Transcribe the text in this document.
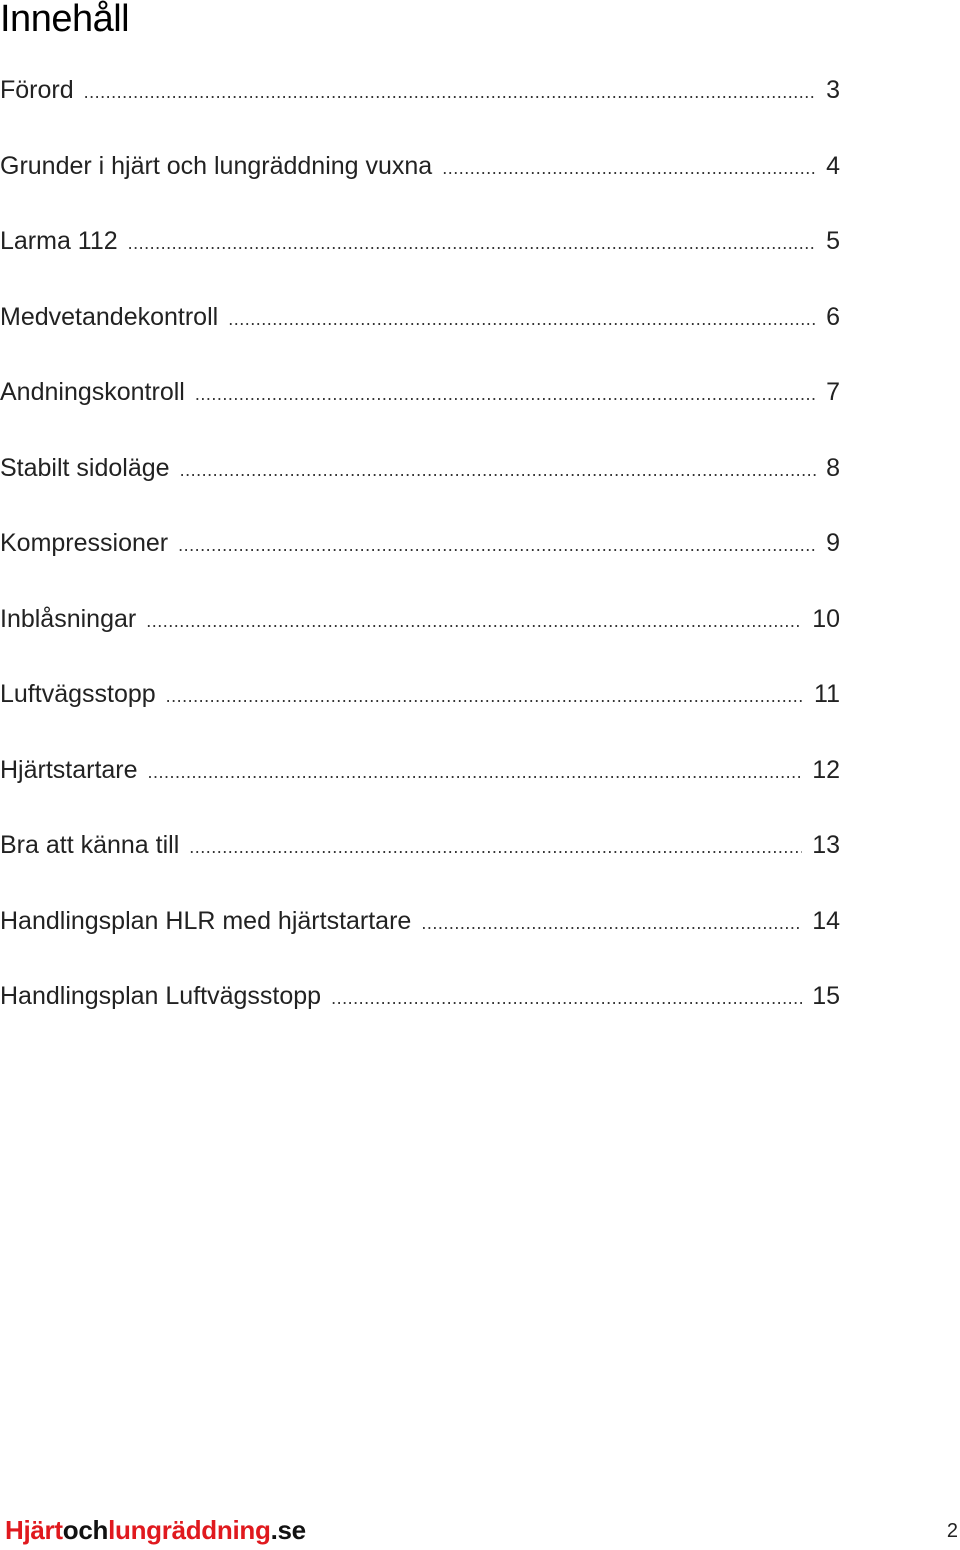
Innehåll
Förord .....	3
Grunder i hjärt och lungräddning vuxna .....	4
Larma 112 .....	5
Medvetandekontroll .....	6
Andningskontroll .....	7
Stabilt sidoläge .....	8
Kompressioner .....	9
Inblåsningar .....	10
Luftvägsstopp .....	11
Hjärtstartare .....	12
Bra att känna till .....	13
Handlingsplan HLR med hjärtstartare .....	14
Handlingsplan Luftvägsstopp .....	15
Hjärtochlungräddning.se	2
